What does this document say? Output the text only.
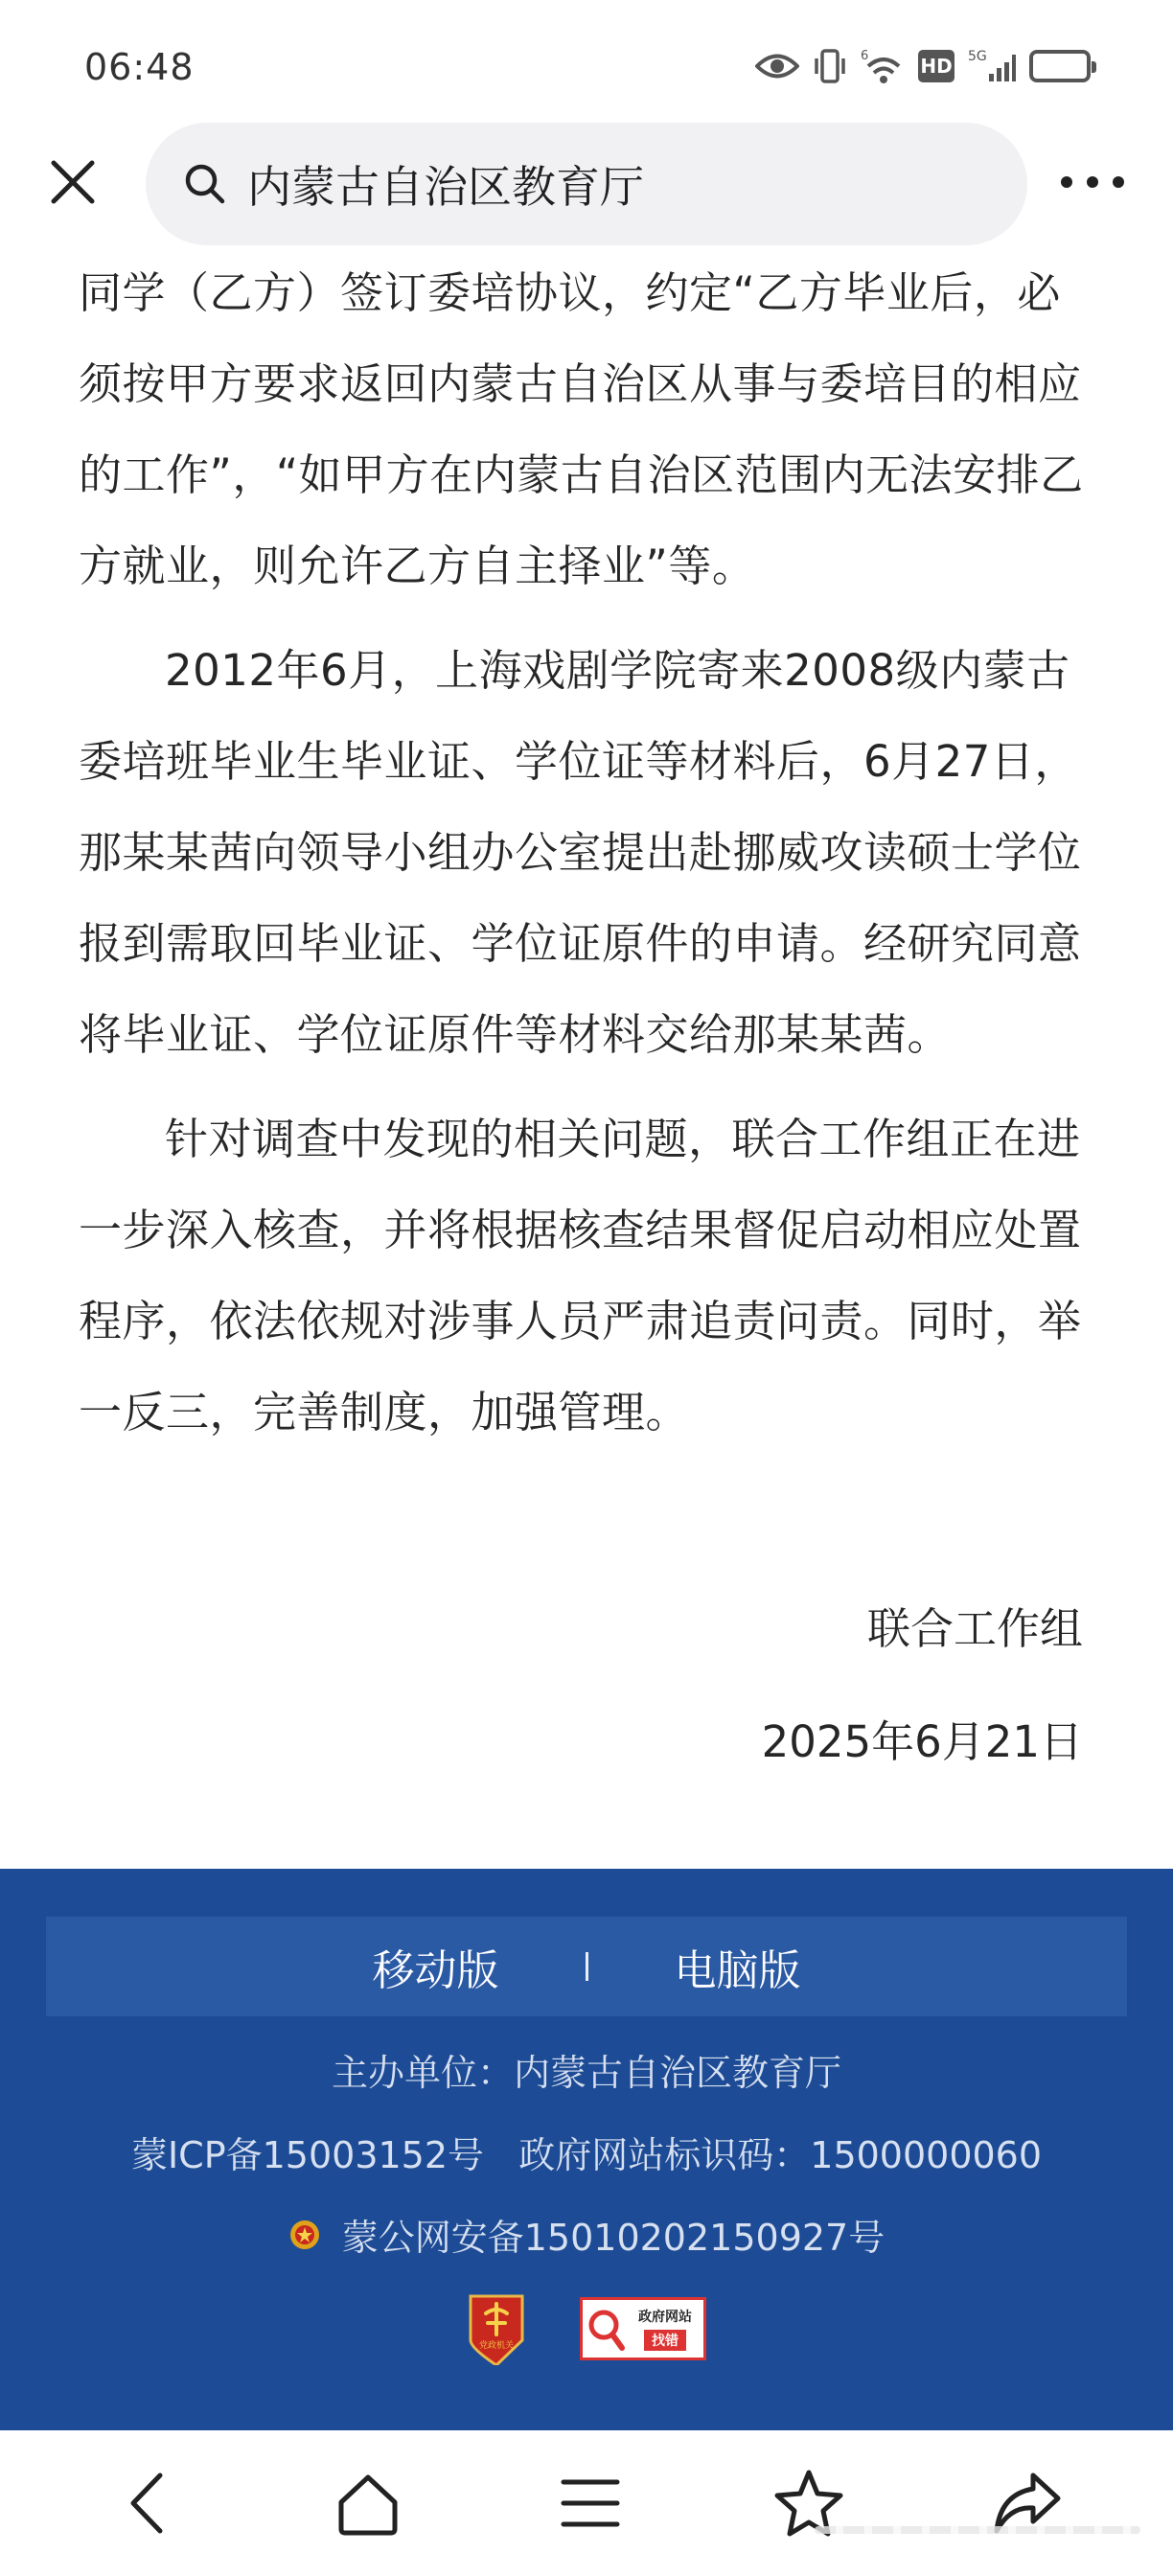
06:48	6	HD 5G
内蒙古自治区教育厅

同学（乙方）签订委培协议，约定“乙方毕业后，必须按甲方要求返回内蒙古自治区从事与委培目的相应的工作”，“如甲方在内蒙古自治区范围内无法安排乙方就业，则允许乙方自主择业”等。

2012年6月，上海戏剧学院寄来2008级内蒙古委培班毕业生毕业证、学位证等材料后，6月27日，那某某茜向领导小组办公室提出赴挪威攻读硕士学位报到需取回毕业证、学位证原件的申请。经研究同意将毕业证、学位证原件等材料交给那某某茜。

针对调查中发现的相关问题，联合工作组正在进一步深入核查，并将根据核查结果督促启动相应处置程序，依法依规对涉事人员严肃追责问责。同时，举一反三，完善制度，加强管理。

联合工作组
2025年6月21日
移动版	电脑版
主办单位：内蒙古自治区教育厅
蒙ICP备15003152号   政府网站标识码：1500000060
蒙公网安备15010202150927号
党政机关
政府网站
找错
